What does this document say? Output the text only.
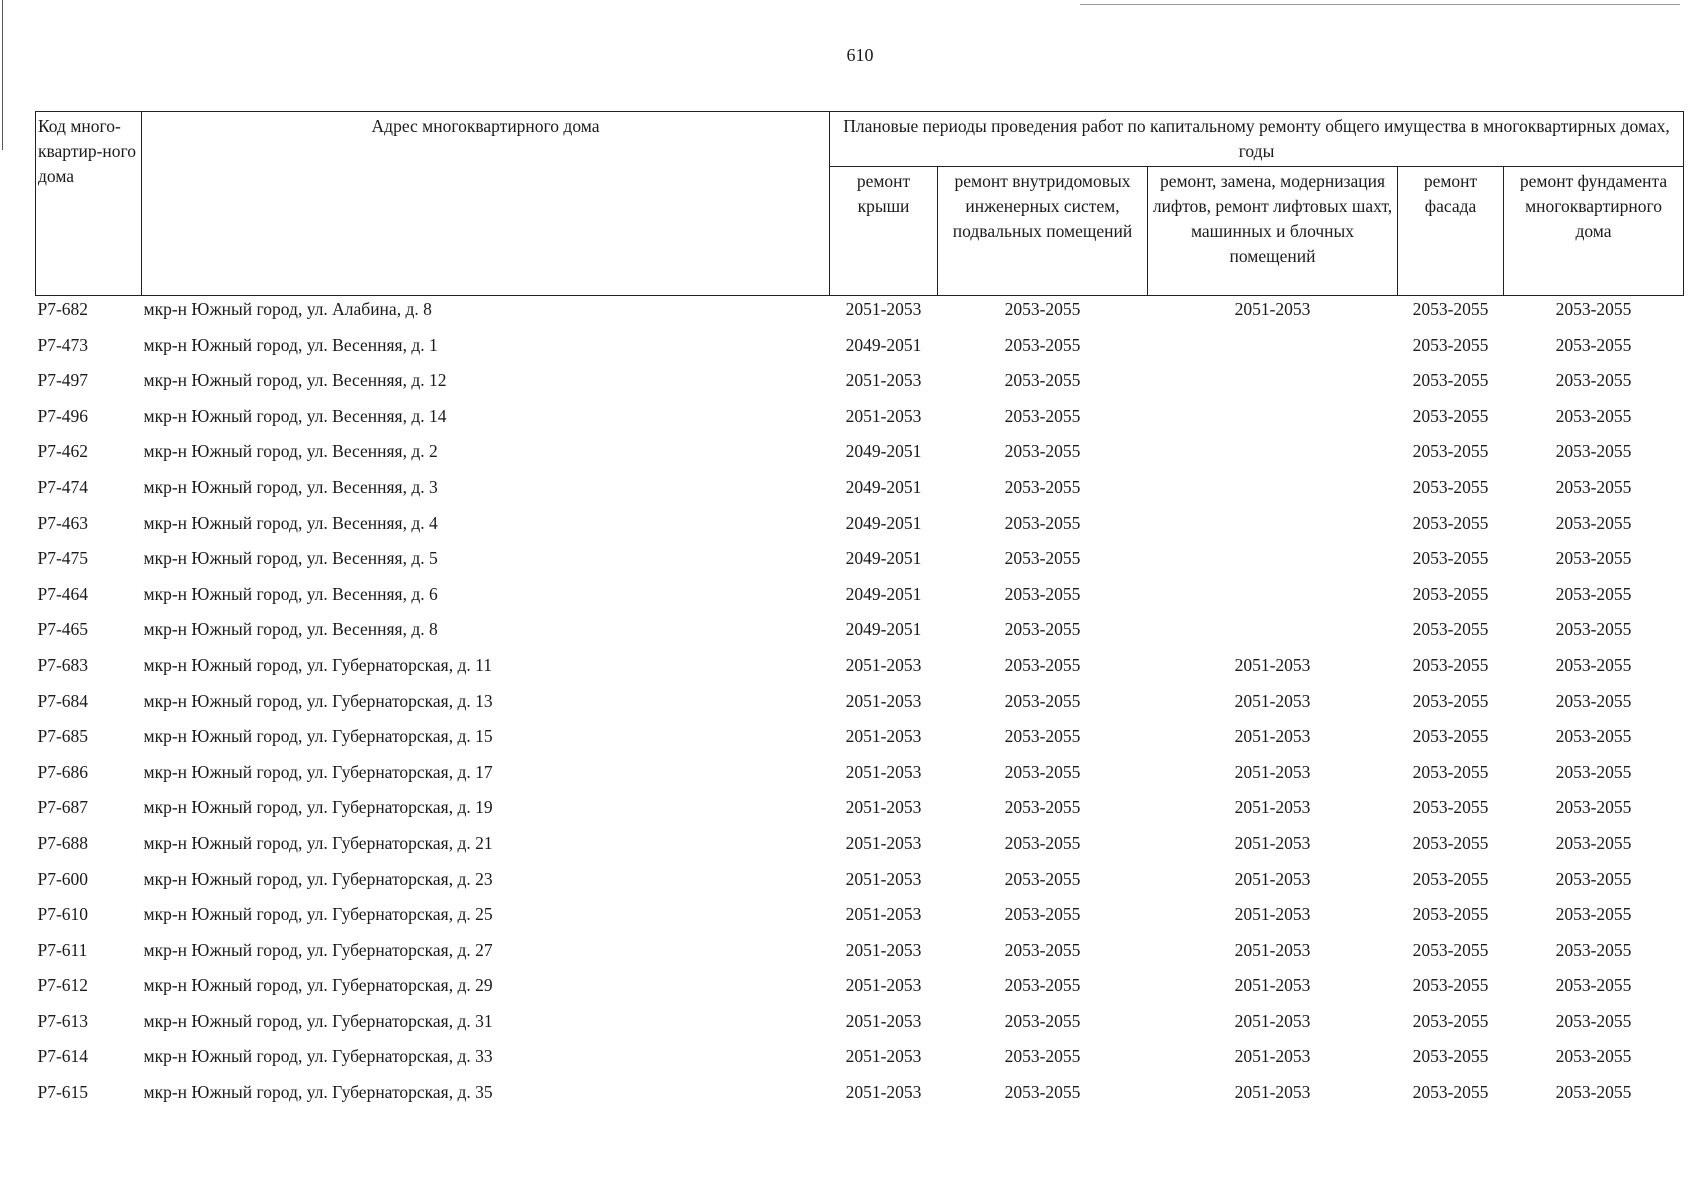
610
Код много-квартир-ного дома	Адрес многоквартирного дома	Плановые периоды проведения работ по капитальному ремонту общего имущества в многоквартирных домах, годы				
		ремонт крыши	ремонт внутридомовых инженерных систем, подвальных помещений	ремонт, замена, модернизация лифтов, ремонт лифтовых шахт, машинных и блочных помещений	ремонт фасада	ремонт фундамента многоквартирного дома
Р7-682	мкр-н Южный город, ул. Алабина, д. 8	2051-2053	2053-2055	2051-2053	2053-2055	2053-2055
Р7-473	мкр-н Южный город, ул. Весенняя, д. 1	2049-2051	2053-2055		2053-2055	2053-2055
Р7-497	мкр-н Южный город, ул. Весенняя, д. 12	2051-2053	2053-2055		2053-2055	2053-2055
Р7-496	мкр-н Южный город, ул. Весенняя, д. 14	2051-2053	2053-2055		2053-2055	2053-2055
Р7-462	мкр-н Южный город, ул. Весенняя, д. 2	2049-2051	2053-2055		2053-2055	2053-2055
Р7-474	мкр-н Южный город, ул. Весенняя, д. 3	2049-2051	2053-2055		2053-2055	2053-2055
Р7-463	мкр-н Южный город, ул. Весенняя, д. 4	2049-2051	2053-2055		2053-2055	2053-2055
Р7-475	мкр-н Южный город, ул. Весенняя, д. 5	2049-2051	2053-2055		2053-2055	2053-2055
Р7-464	мкр-н Южный город, ул. Весенняя, д. 6	2049-2051	2053-2055		2053-2055	2053-2055
Р7-465	мкр-н Южный город, ул. Весенняя, д. 8	2049-2051	2053-2055		2053-2055	2053-2055
Р7-683	мкр-н Южный город, ул. Губернаторская, д. 11	2051-2053	2053-2055	2051-2053	2053-2055	2053-2055
Р7-684	мкр-н Южный город, ул. Губернаторская, д. 13	2051-2053	2053-2055	2051-2053	2053-2055	2053-2055
Р7-685	мкр-н Южный город, ул. Губернаторская, д. 15	2051-2053	2053-2055	2051-2053	2053-2055	2053-2055
Р7-686	мкр-н Южный город, ул. Губернаторская, д. 17	2051-2053	2053-2055	2051-2053	2053-2055	2053-2055
Р7-687	мкр-н Южный город, ул. Губернаторская, д. 19	2051-2053	2053-2055	2051-2053	2053-2055	2053-2055
Р7-688	мкр-н Южный город, ул. Губернаторская, д. 21	2051-2053	2053-2055	2051-2053	2053-2055	2053-2055
Р7-600	мкр-н Южный город, ул. Губернаторская, д. 23	2051-2053	2053-2055	2051-2053	2053-2055	2053-2055
Р7-610	мкр-н Южный город, ул. Губернаторская, д. 25	2051-2053	2053-2055	2051-2053	2053-2055	2053-2055
Р7-611	мкр-н Южный город, ул. Губернаторская, д. 27	2051-2053	2053-2055	2051-2053	2053-2055	2053-2055
Р7-612	мкр-н Южный город, ул. Губернаторская, д. 29	2051-2053	2053-2055	2051-2053	2053-2055	2053-2055
Р7-613	мкр-н Южный город, ул. Губернаторская, д. 31	2051-2053	2053-2055	2051-2053	2053-2055	2053-2055
Р7-614	мкр-н Южный город, ул. Губернаторская, д. 33	2051-2053	2053-2055	2051-2053	2053-2055	2053-2055
Р7-615	мкр-н Южный город, ул. Губернаторская, д. 35	2051-2053	2053-2055	2051-2053	2053-2055	2053-2055
